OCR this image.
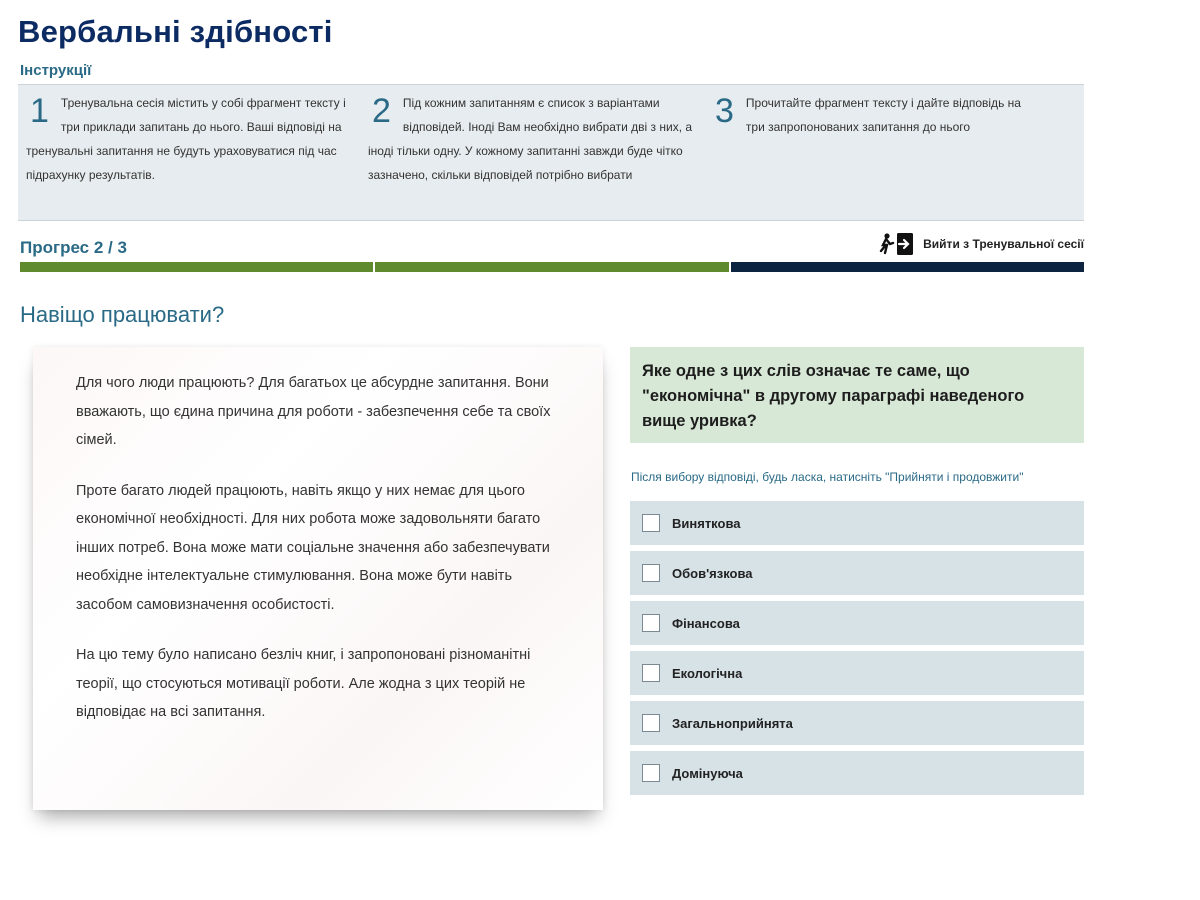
Вербальні здібності
Інструкції
1 Тренувальна сесія містить у собі фрагмент тексту і три приклади запитань до нього. Ваші відповіді на тренувальні запитання не будуть ураховуватися під час підрахунку результатів.
2 Під кожним запитанням є список з варіантами відповідей. Іноді Вам необхідно вибрати дві з них, а іноді тільки одну. У кожному запитанні завжди буде чітко зазначено, скільки відповідей потрібно вибрати
3 Прочитайте фрагмент тексту і дайте відповідь на три запропонованих запитання до нього
Прогрес 2 / 3	Вийти з Тренувальної сесії
Навіщо працювати?

Для чого люди працюють? Для багатьох це абсурдне запитання. Вони вважають, що єдина причина для роботи - забезпечення себе та своїх сімей.

Проте багато людей працюють, навіть якщо у них немає для цього економічної необхідності. Для них робота може задовольняти багато інших потреб. Вона може мати соціальне значення або забезпечувати необхідне інтелектуальне стимулювання. Вона може бути навіть засобом самовизначення особистості.

На цю тему було написано безліч книг, і запропоновані різноманітні теорії, що стосуються мотивації роботи. Але жодна з цих теорій не відповідає на всі запитання.

Яке одне з цих слів означає те саме, що "економічна" в другому параграфі наведеного вище уривка?
Після вибору відповіді, будь ласка, натисніть "Прийняти і продовжити"
Виняткова
Обов'язкова
Фінансова
Екологічна
Загальноприйнята
Домінуюча
